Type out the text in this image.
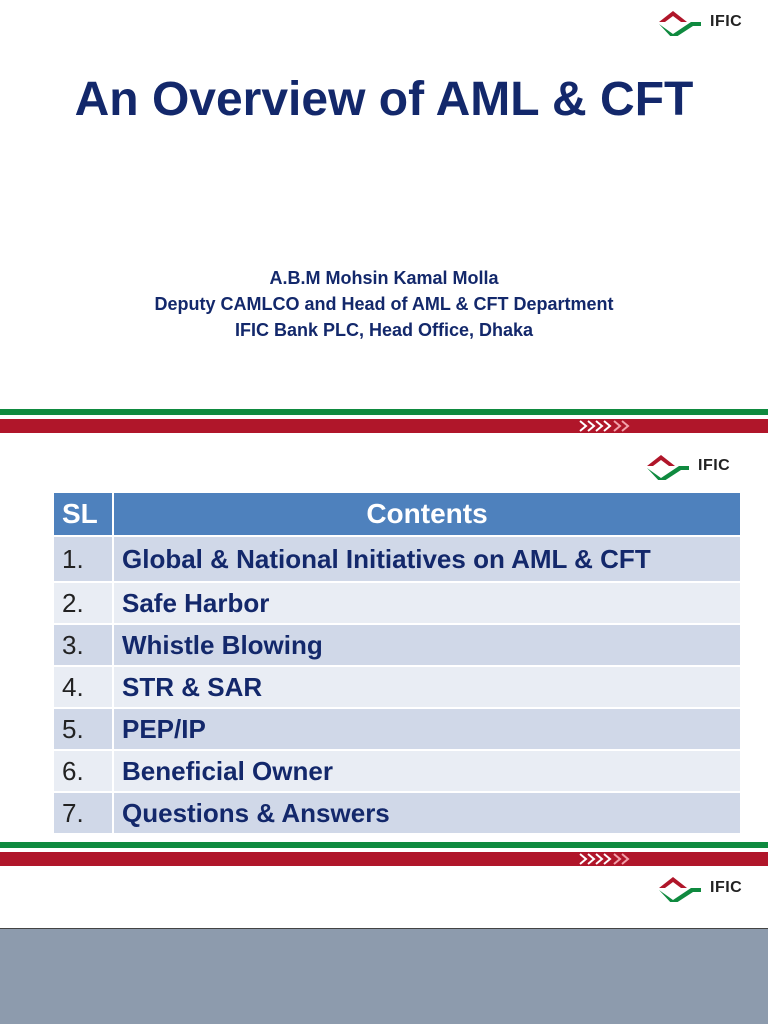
IFIC
An Overview of AML & CFT
A.B.M Mohsin Kamal Molla
Deputy CAMLCO and Head of AML & CFT Department
IFIC Bank PLC, Head Office, Dhaka
IFIC
SL	Contents
1.	Global & National Initiatives on AML & CFT
2.	Safe Harbor
3.	Whistle Blowing
4.	STR & SAR
5.	PEP/IP
6.	Beneficial Owner
7.	Questions & Answers
IFIC
